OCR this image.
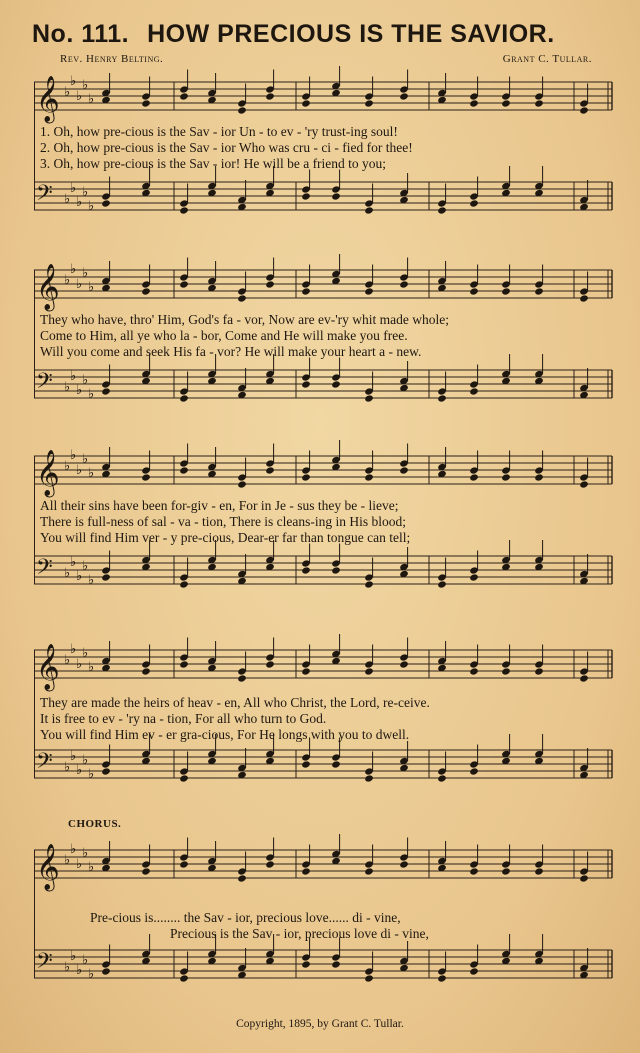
No. 111. HOW PRECIOUS IS THE SAVIOR.
Rev. Henry Belting.	Grant C. Tullar.
𝄞 ♭
♭
♭
♭
♭
𝄢 ♭
♭
♭
♭
♭
1. Oh, how pre-cious is the Sav - ior Un - to ev - 'ry trust-ing soul!
2. Oh, how pre-cious is the Sav - ior Who was cru - ci - fied for thee!
3. Oh, how pre-cious is the Sav - ior! He will be a friend to you;
𝄞 ♭
♭
♭
♭
♭
𝄢 ♭
♭
♭
♭
♭
They who have, thro' Him, God's fa - vor, Now are ev-'ry whit made whole;
Come to Him, all ye who la - bor, Come and He will make you free.
Will you come and seek His fa - vor? He will make your heart a - new.
𝄞 ♭
♭
♭
♭
♭
𝄢 ♭
♭
♭
♭
♭
All their sins have been for-giv - en, For in Je - sus they be - lieve;
There is full-ness of sal - va - tion, There is cleans-ing in His blood;
You will find Him ver - y pre-cious, Dear-er far than tongue can tell;
𝄞 ♭
♭
♭
♭
♭
𝄢 ♭
♭
♭
♭
♭
They are made the heirs of heav - en, All who Christ, the Lord, re-ceive.
It is free to ev - 'ry na - tion, For all who turn to God.
You will find Him ev - er gra-cious, For He longs with you to dwell.
CHORUS.
𝄞 ♭
♭
♭
♭
♭
𝄢 ♭
♭
♭
♭
♭
Pre-cious is........ the Sav - ior, precious love...... di - vine,
Precious is the Sav - ior, precious love di - vine,
Copyright, 1895, by Grant C. Tullar.
